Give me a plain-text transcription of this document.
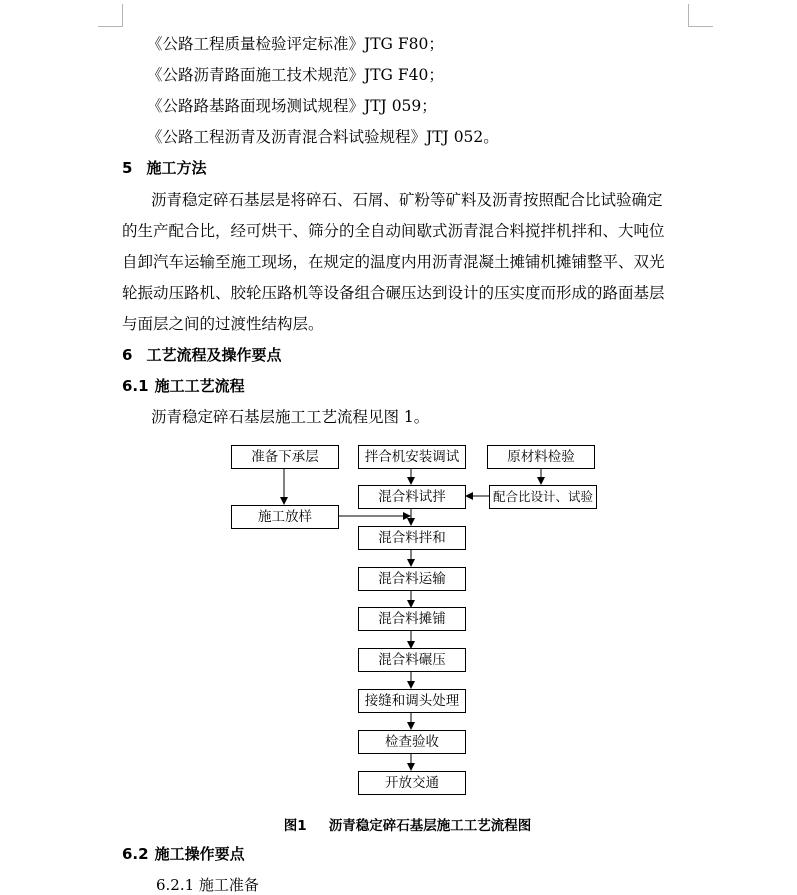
《公路工程质量检验评定标准》JTG F80；
《公路沥青路面施工技术规范》JTG F40；
《公路路基路面现场测试规程》JTJ 059；
《公路工程沥青及沥青混合料试验规程》JTJ 052。
5 施工方法
沥青稳定碎石基层是将碎石、石屑、矿粉等矿料及沥青按照配合比试验确定
的生产配合比，经可烘干、筛分的全自动间歇式沥青混合料搅拌机拌和、大吨位
自卸汽车运输至施工现场，在规定的温度内用沥青混凝土摊铺机摊铺整平、双光
轮振动压路机、胶轮压路机等设备组合碾压达到设计的压实度而形成的路面基层
与面层之间的过渡性结构层。
6 工艺流程及操作要点
6.1 施工工艺流程
沥青稳定碎石基层施工工艺流程见图 1。
准备下承层	拌合机安装调试	原材料检验
混合料试拌	配合比设计、试验
施工放样
混合料拌和
混合料运输
混合料摊铺
混合料碾压
接缝和调头处理
检查验收
开放交通
图1 沥青稳定碎石基层施工工艺流程图
6.2 施工操作要点
6.2.1 施工准备
